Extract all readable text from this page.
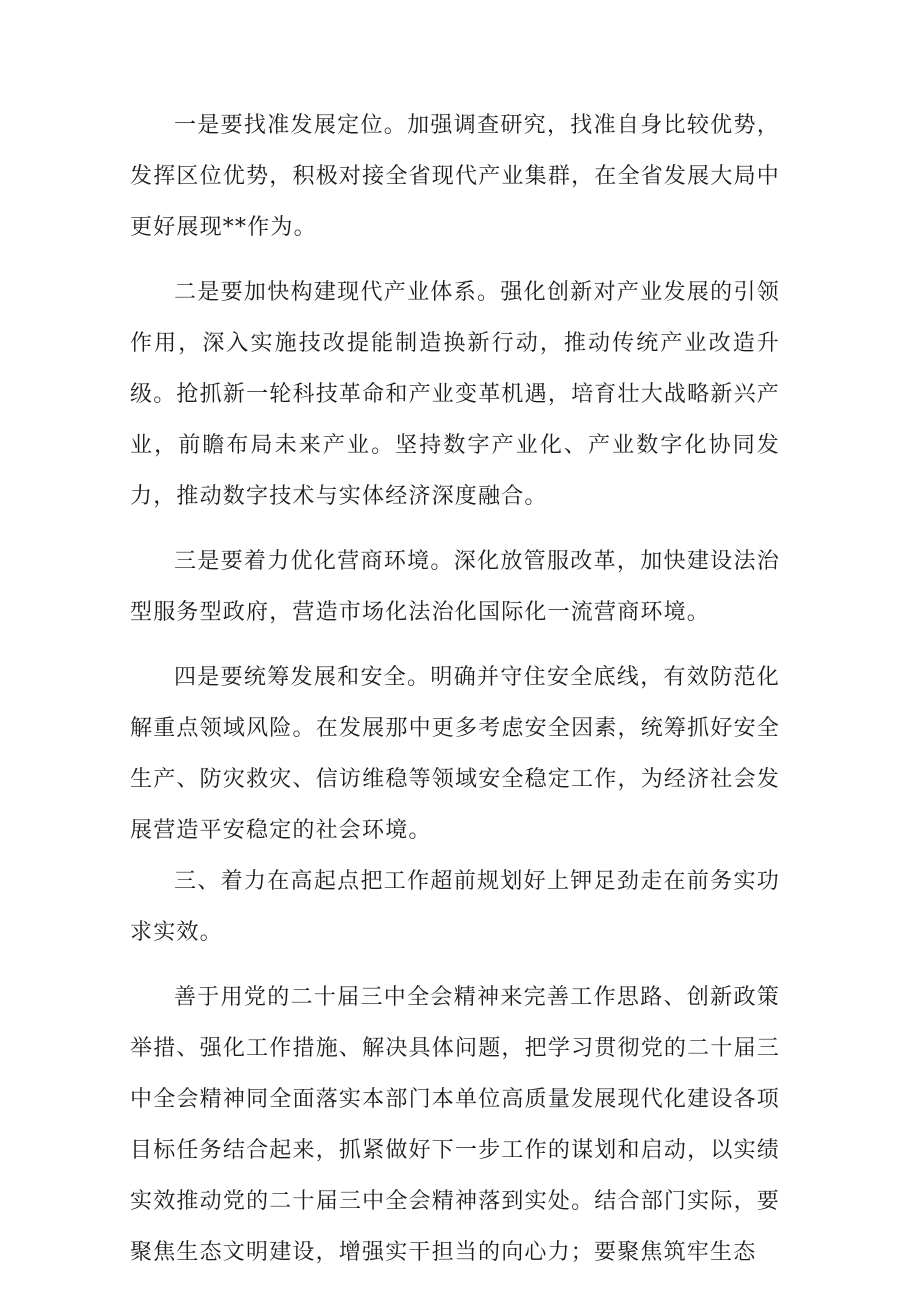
一是要找准发展定位。加强调查研究，找准自身比较优势，发挥区位优势，积极对接全省现代产业集群，在全省发展大局中更好展现**作为。

二是要加快构建现代产业体系。强化创新对产业发展的引领作用，深入实施技改提能制造换新行动，推动传统产业改造升级。抢抓新一轮科技革命和产业变革机遇，培育壮大战略新兴产业，前瞻布局未来产业。坚持数字产业化、产业数字化协同发力，推动数字技术与实体经济深度融合。

三是要着力优化营商环境。深化放管服改革，加快建设法治型服务型政府，营造市场化法治化国际化一流营商环境。

四是要统筹发展和安全。明确并守住安全底线，有效防范化解重点领域风险。在发展那中更多考虑安全因素，统筹抓好安全生产、防灾救灾、信访维稳等领域安全稳定工作，为经济社会发展营造平安稳定的社会环境。

三、着力在高起点把工作超前规划好上钾足劲走在前务实功求实效。

善于用党的二十届三中全会精神来完善工作思路、创新政策举措、强化工作措施、解决具体问题，把学习贯彻党的二十届三中全会精神同全面落实本部门本单位高质量发展现代化建设各项目标任务结合起来，抓紧做好下一步工作的谋划和启动，以实绩实效推动党的二十届三中全会精神落到实处。结合部门实际，要聚焦生态文明建设，增强实干担当的向心力；要聚焦筑牢生态
